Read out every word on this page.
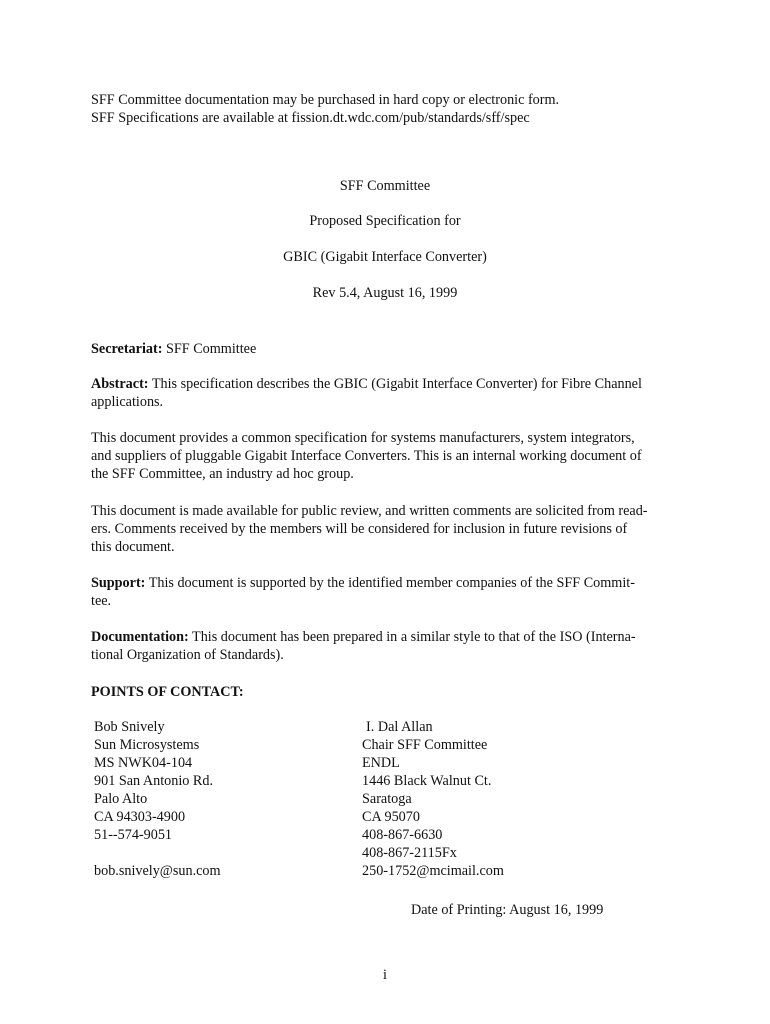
SFF Committee documentation may be purchased in hard copy or electronic form.

SFF Specifications are available at fission.dt.wdc.com/pub/standards/sff/spec

SFF Committee

Proposed Specification for

GBIC (Gigabit Interface Converter)

Rev 5.4, August 16, 1999

Secretariat: SFF Committee

Abstract: This specification describes the GBIC (Gigabit Interface Converter) for Fibre Channel

applications.

This document provides a common specification for systems manufacturers, system integrators,

and suppliers of pluggable Gigabit Interface Converters. This is an internal working document of

the SFF Committee, an industry ad hoc group.

This document is made available for public review, and written comments are solicited from read-

ers. Comments received by the members will be considered for inclusion in future revisions of

this document.

Support: This document is supported by the identified member companies of the SFF Commit-

tee.

Documentation: This document has been prepared in a similar style to that of the ISO (Interna-

tional Organization of Standards).

POINTS OF CONTACT:

Bob Snively
Sun Microsystems
MS NWK04-104
901 San Antonio Rd.
Palo Alto
CA 94303-4900
51--574-9051
bob.snively@sun.com
I. Dal Allan
Chair SFF Committee
ENDL
1446 Black Walnut Ct.
Saratoga
CA 95070
408-867-6630
408-867-2115Fx
250-1752@mcimail.com

Date of Printing: August 16, 1999

i
